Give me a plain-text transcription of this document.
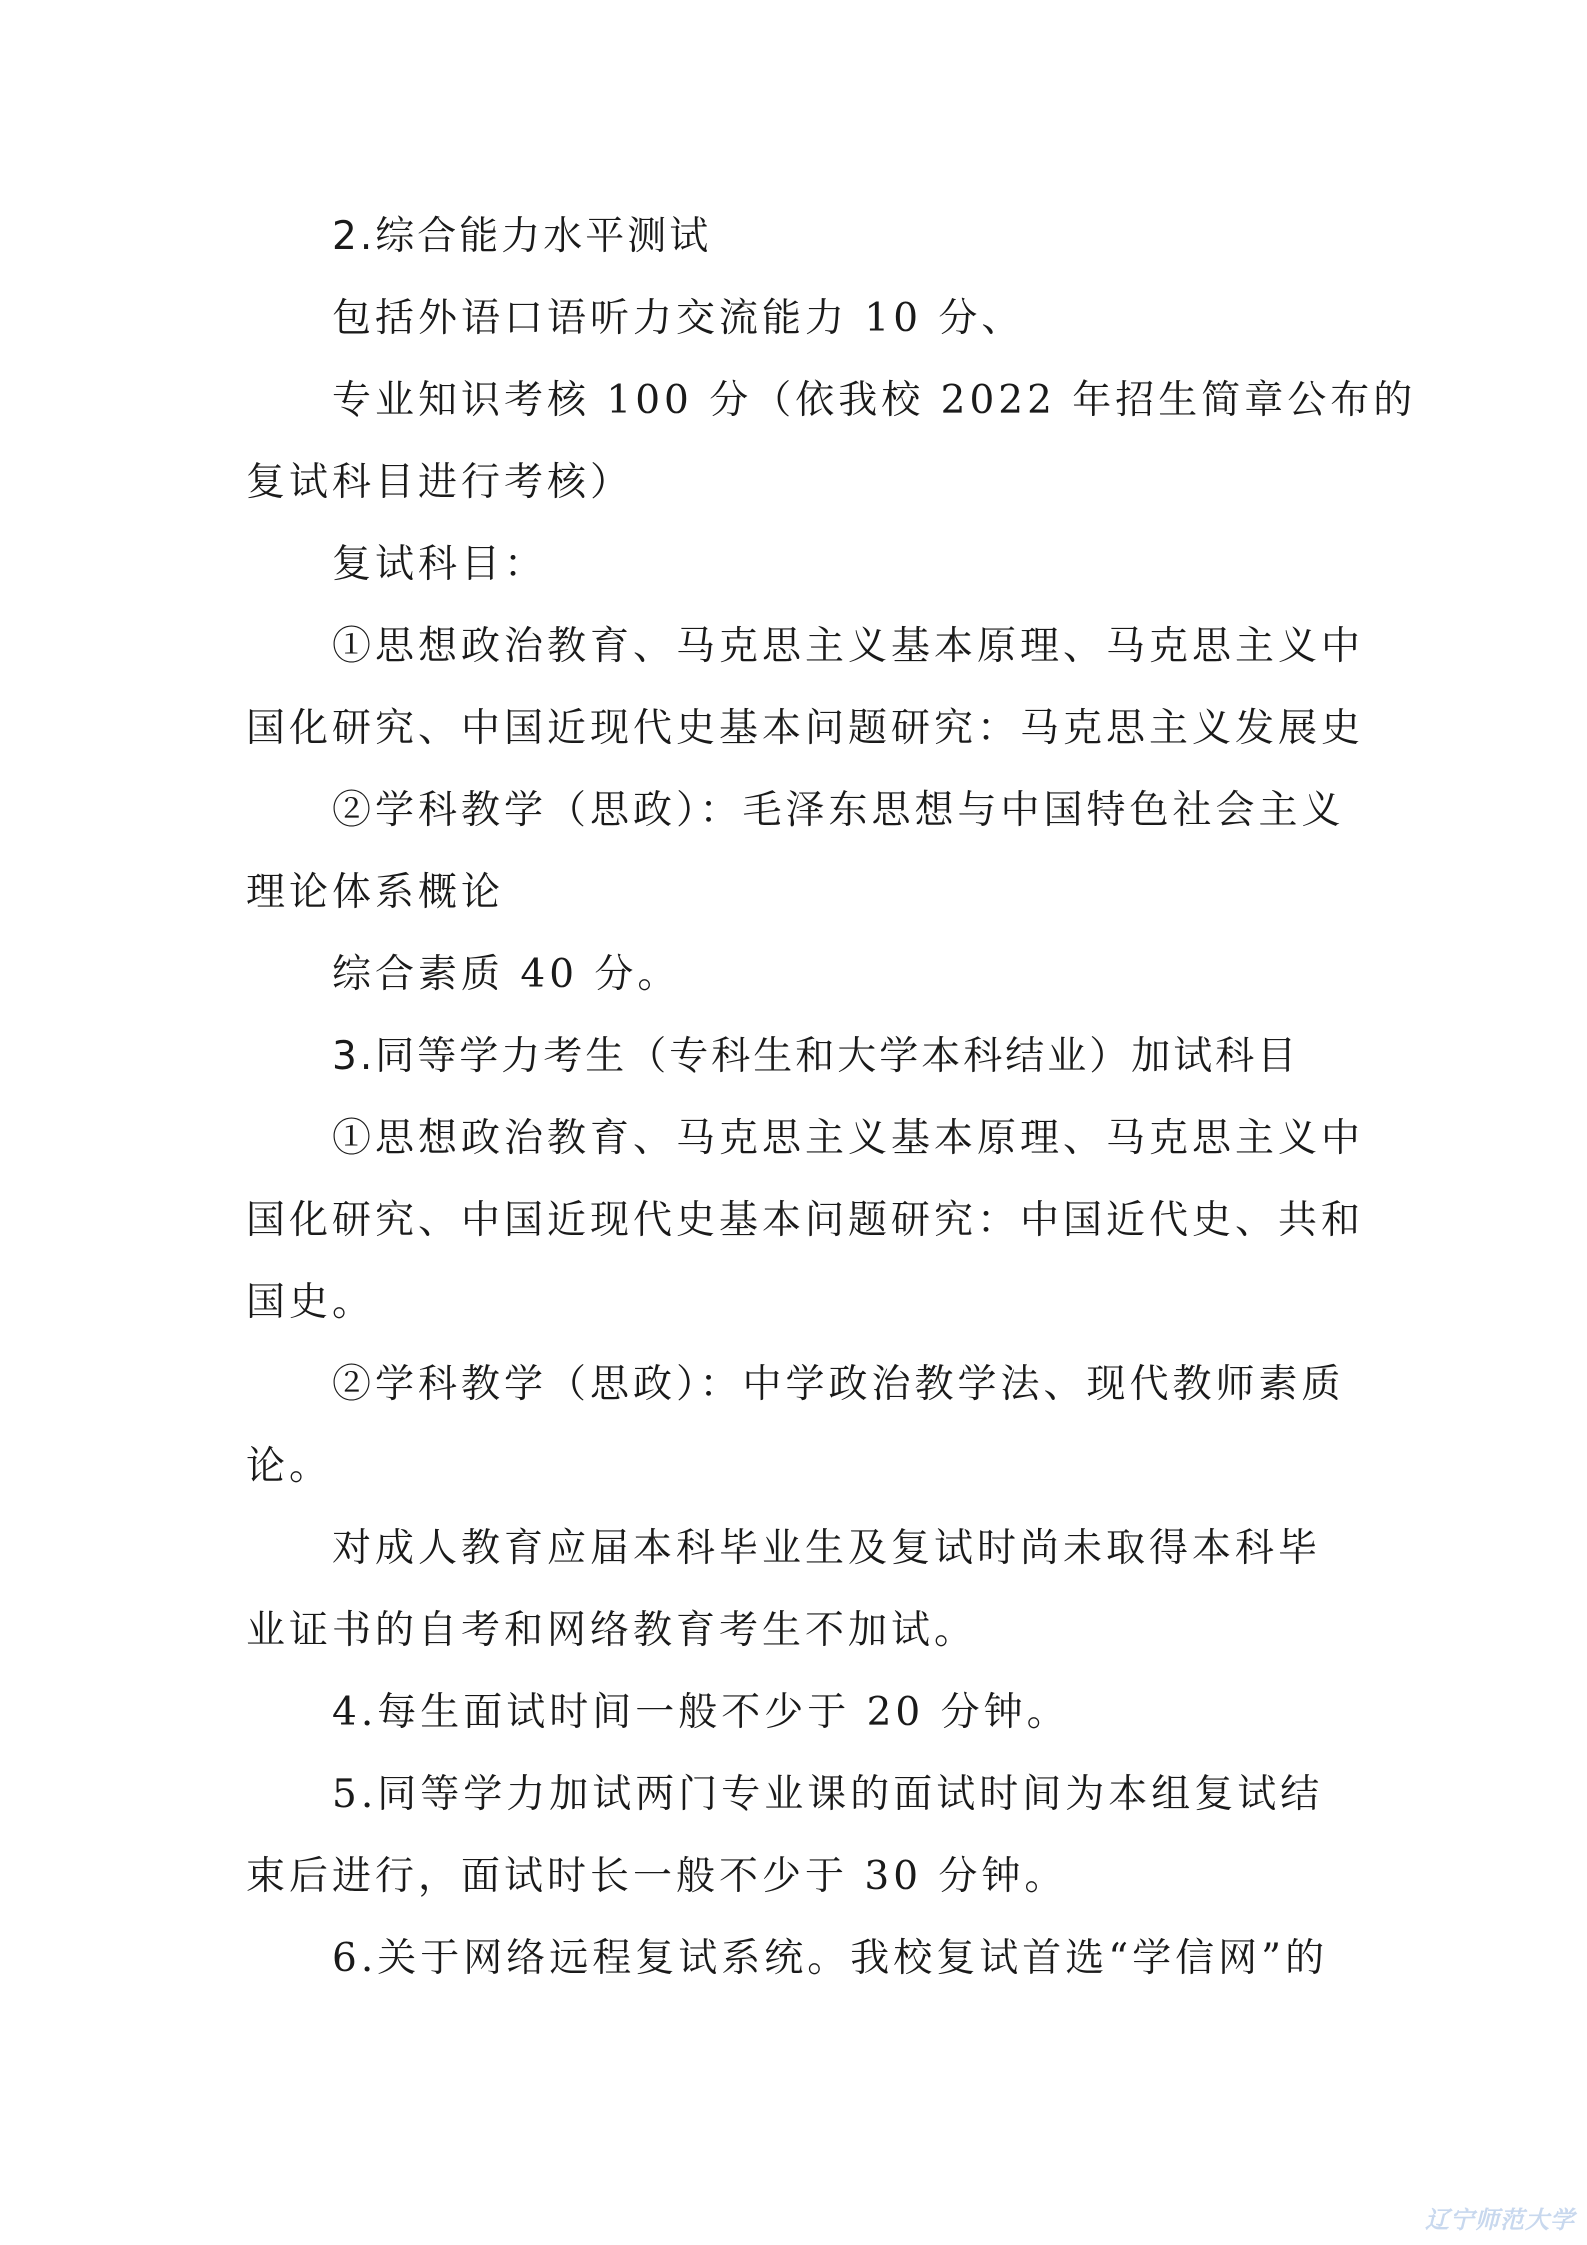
2.综合能力水平测试

包括外语口语听力交流能力 10 分、

专业知识考核 100 分（依我校 2022 年招生简章公布的

复试科目进行考核）

复试科目：

①思想政治教育、马克思主义基本原理、马克思主义中

国化研究、中国近现代史基本问题研究：马克思主义发展史

②学科教学（思政）：毛泽东思想与中国特色社会主义

理论体系概论

综合素质 40 分。

3.同等学力考生（专科生和大学本科结业）加试科目

①思想政治教育、马克思主义基本原理、马克思主义中

国化研究、中国近现代史基本问题研究：中国近代史、共和

国史。

②学科教学（思政）：中学政治教学法、现代教师素质

论。

对成人教育应届本科毕业生及复试时尚未取得本科毕

业证书的自考和网络教育考生不加试。

4.每生面试时间一般不少于 20 分钟。

5.同等学力加试两门专业课的面试时间为本组复试结

束后进行，面试时长一般不少于 30 分钟。

6.关于网络远程复试系统。我校复试首选“学信网”的

辽宁师范大学
